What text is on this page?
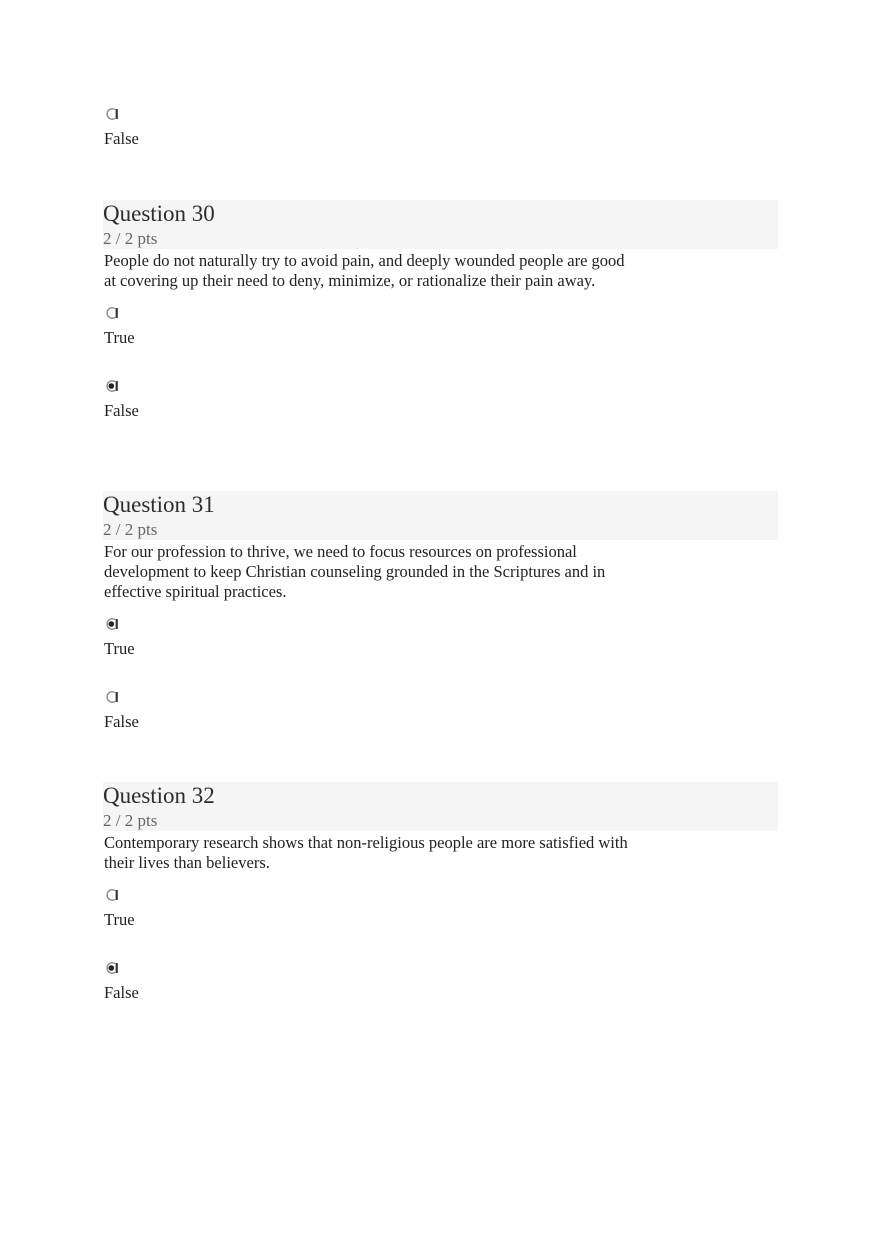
False
Question 30
2 / 2 pts
People do not naturally try to avoid pain, and deeply wounded people are good at covering up their need to deny, minimize, or rationalize their pain away.
True
False
Question 31
2 / 2 pts
For our profession to thrive, we need to focus resources on professional development to keep Christian counseling grounded in the Scriptures and in effective spiritual practices.
True
False
Question 32
2 / 2 pts
Contemporary research shows that non-religious people are more satisfied with their lives than believers.
True
False
